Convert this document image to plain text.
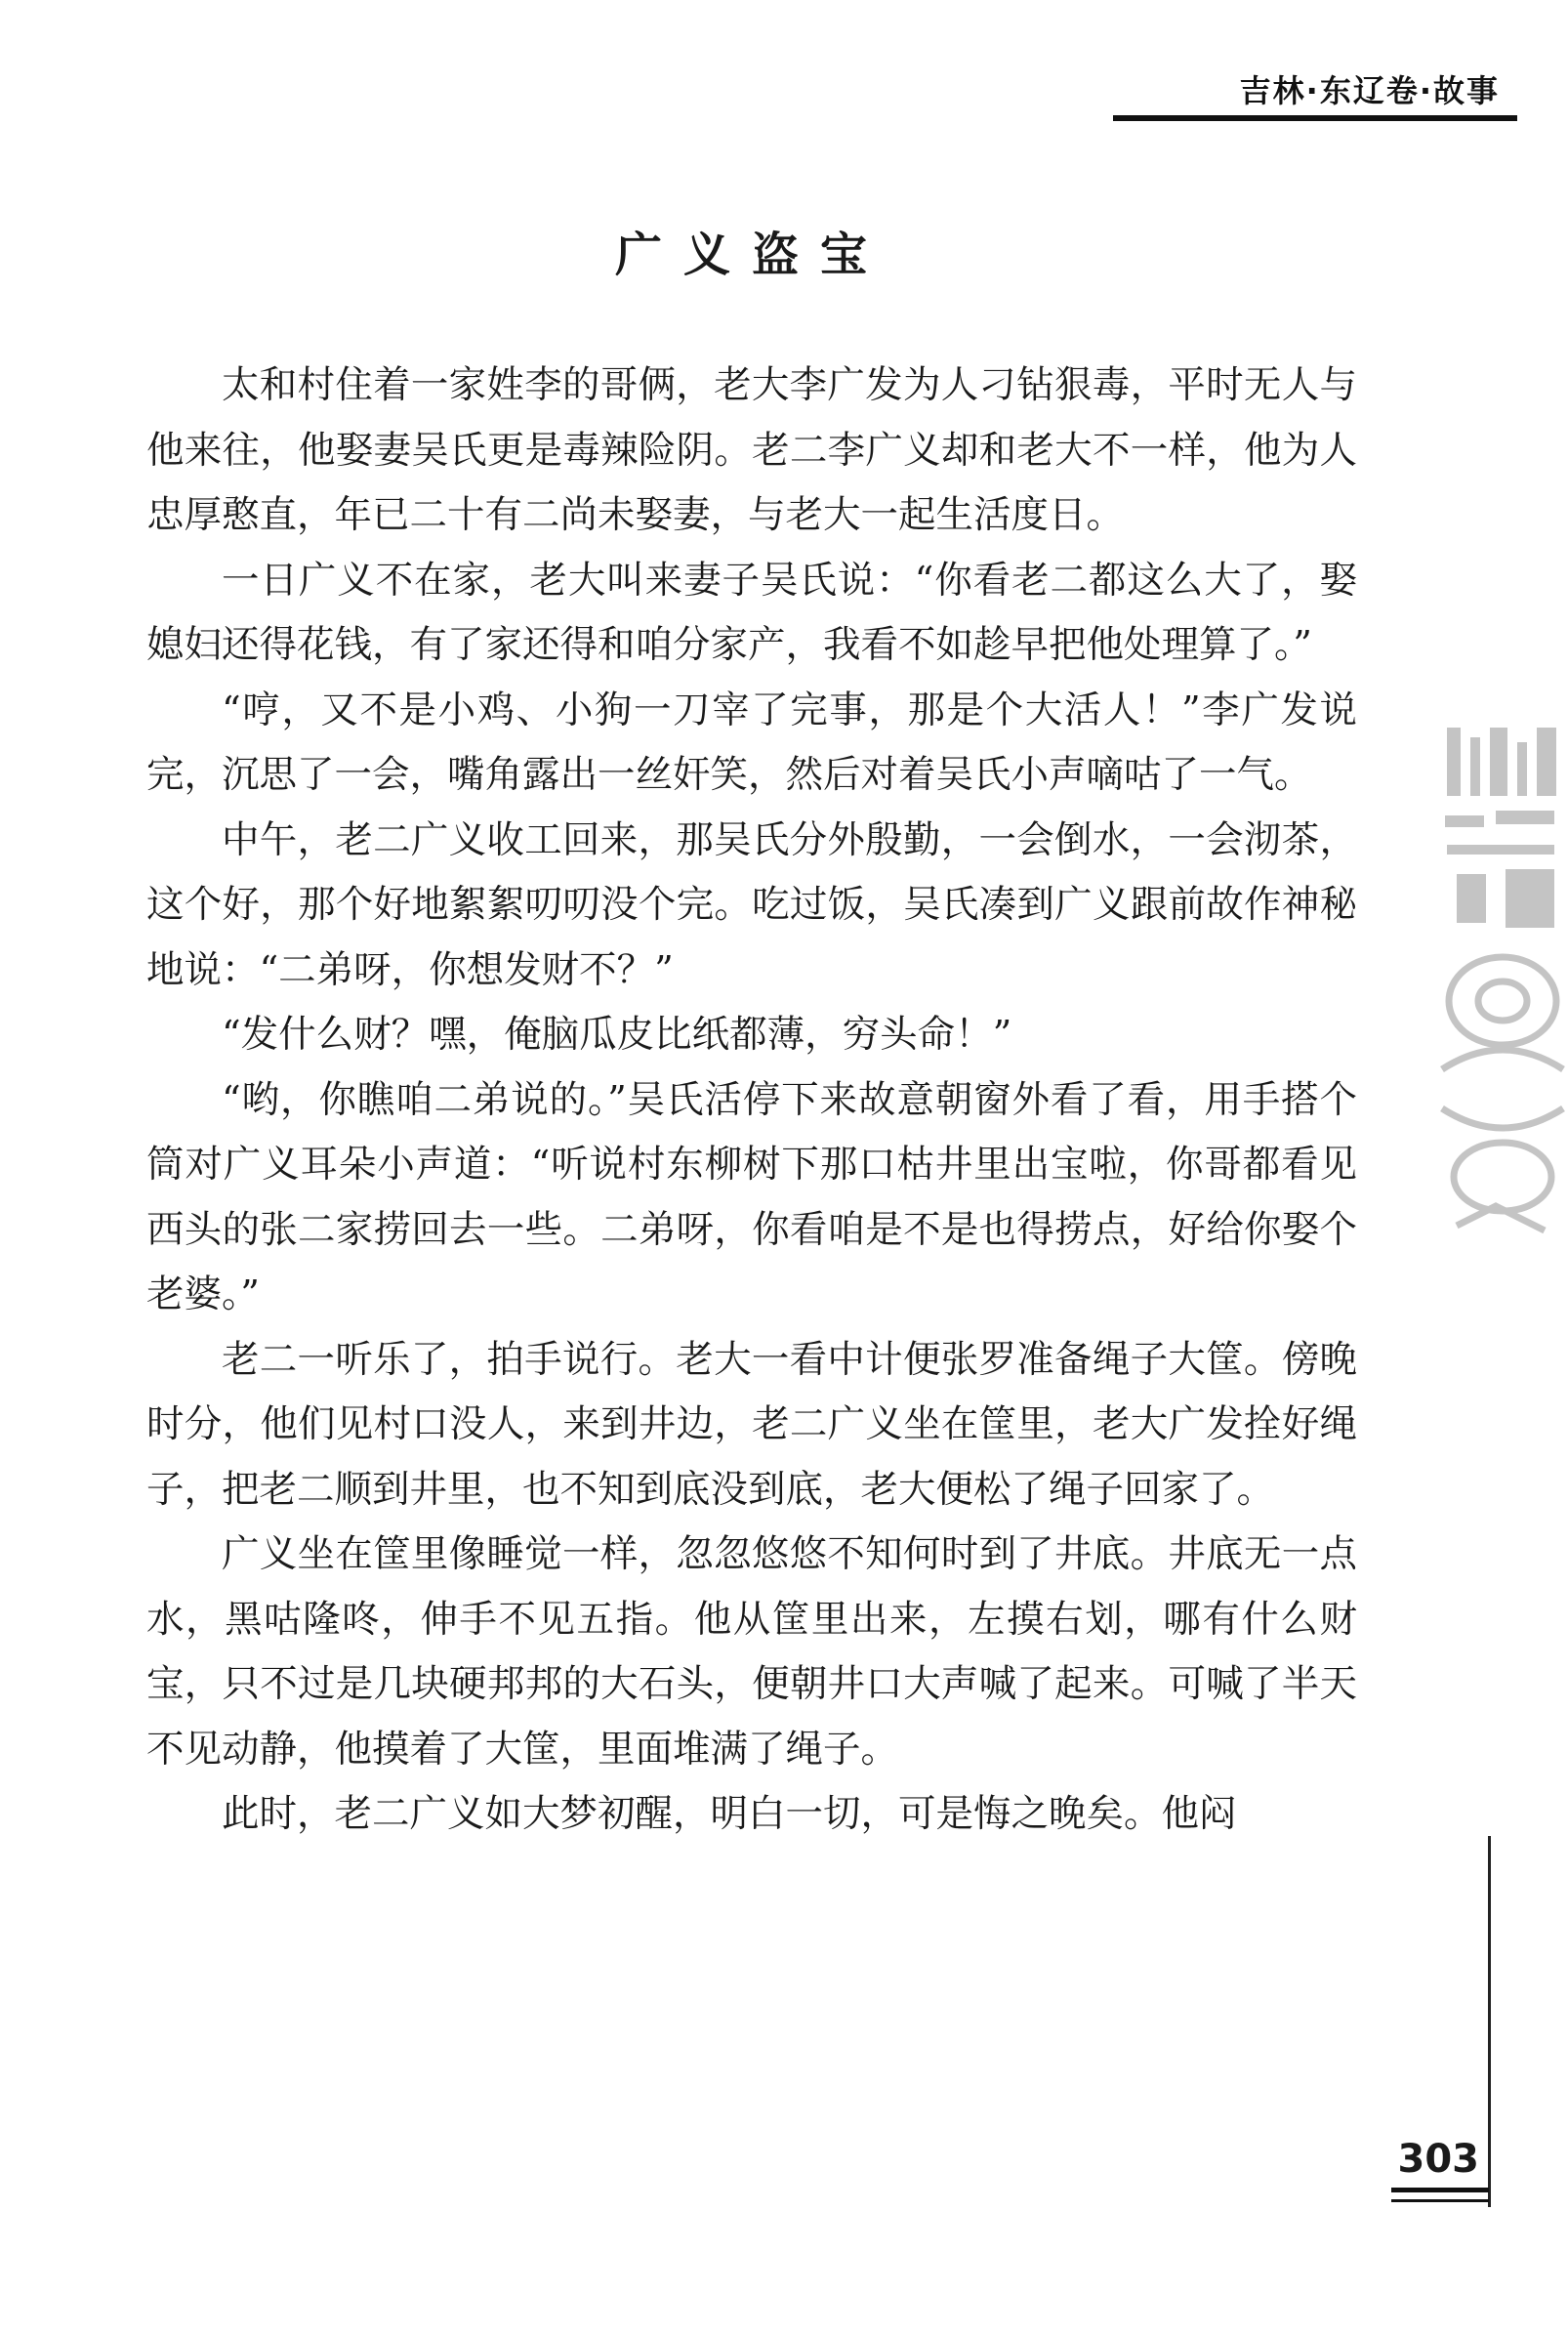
吉林·东辽卷·故事
广义盗宝

太和村住着一家姓李的哥俩，老大李广发为人刁钻狠毒，平时无人与他来往，他娶妻吴氏更是毒辣险阴。老二李广义却和老大不一样，他为人忠厚憨直，年已二十有二尚未娶妻，与老大一起生活度日。

一日广义不在家，老大叫来妻子吴氏说：“你看老二都这么大了，娶媳妇还得花钱，有了家还得和咱分家产，我看不如趁早把他处理算了。”

“哼，又不是小鸡、小狗一刀宰了完事，那是个大活人！”李广发说完，沉思了一会，嘴角露出一丝奸笑，然后对着吴氏小声嘀咕了一气。

中午，老二广义收工回来，那吴氏分外殷勤，一会倒水，一会沏茶，这个好，那个好地絮絮叨叨没个完。吃过饭，吴氏凑到广义跟前故作神秘地说：“二弟呀，你想发财不？”

“发什么财？嘿，俺脑瓜皮比纸都薄，穷头命！”

“哟，你瞧咱二弟说的。”吴氏活停下来故意朝窗外看了看，用手搭个筒对广义耳朵小声道：“听说村东柳树下那口枯井里出宝啦，你哥都看见西头的张二家捞回去一些。二弟呀，你看咱是不是也得捞点，好给你娶个老婆。”

老二一听乐了，拍手说行。老大一看中计便张罗准备绳子大筐。傍晚时分，他们见村口没人，来到井边，老二广义坐在筐里，老大广发拴好绳子，把老二顺到井里，也不知到底没到底，老大便松了绳子回家了。

广义坐在筐里像睡觉一样，忽忽悠悠不知何时到了井底。井底无一点水，黑咕隆咚，伸手不见五指。他从筐里出来，左摸右划，哪有什么财宝，只不过是几块硬邦邦的大石头，便朝井口大声喊了起来。可喊了半天不见动静，他摸着了大筐，里面堆满了绳子。

此时，老二广义如大梦初醒，明白一切，可是悔之晚矣。他闷

303
